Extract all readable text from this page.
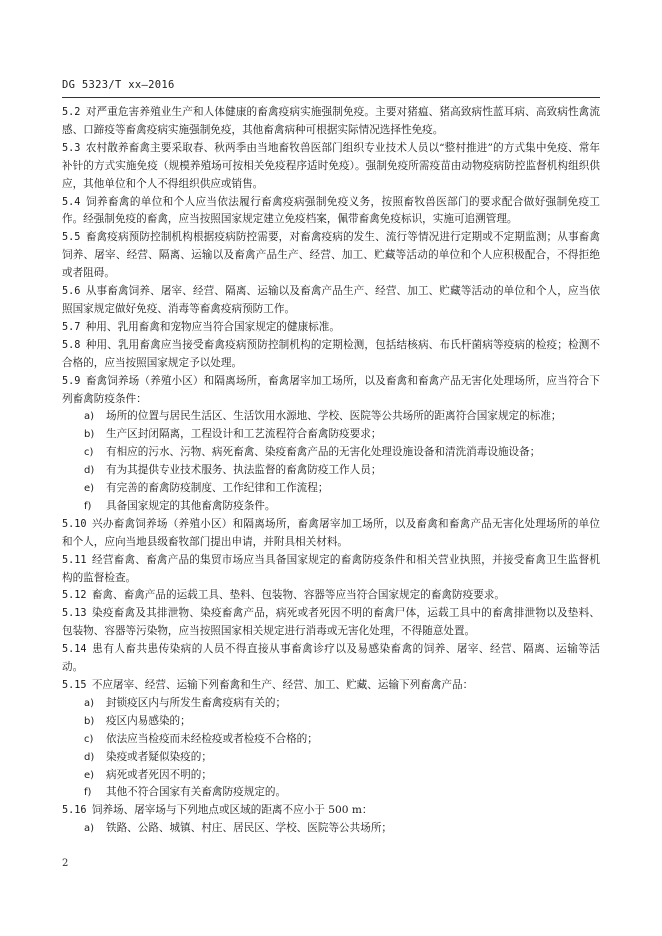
DG 5323/T xx—2016

5.2  对严重危害养殖业生产和人体健康的畜禽疫病实施强制免疫。主要对猪瘟、猪高致病性蓝耳病、高致病性禽流感、口蹄疫等畜禽疫病实施强制免疫，其他畜禽病种可根据实际情况选择性免疫。

5.3  农村散养畜禽主要采取春、秋两季由当地畜牧兽医部门组织专业技术人员以“整村推进”的方式集中免疫、常年补针的方式实施免疫（规模养殖场可按相关免疫程序适时免疫）。强制免疫所需疫苗由动物疫病防控监督机构组织供应，其他单位和个人不得组织供应或销售。

5.4  饲养畜禽的单位和个人应当依法履行畜禽疫病强制免疫义务，按照畜牧兽医部门的要求配合做好强制免疫工作。经强制免疫的畜禽，应当按照国家规定建立免疫档案，佩带畜禽免疫标识，实施可追溯管理。

5.5  畜禽疫病预防控制机构根据疫病防控需要，对畜禽疫病的发生、流行等情况进行定期或不定期监测；从事畜禽饲养、屠宰、经营、隔离、运输以及畜禽产品生产、经营、加工、贮藏等活动的单位和个人应积极配合，不得拒绝或者阻碍。

5.6  从事畜禽饲养、屠宰、经营、隔离、运输以及畜禽产品生产、经营、加工、贮藏等活动的单位和个人，应当依照国家规定做好免疫、消毒等畜禽疫病预防工作。

5.7  种用、乳用畜禽和宠物应当符合国家规定的健康标准。

5.8  种用、乳用畜禽应当接受畜禽疫病预防控制机构的定期检测，包括结核病、布氏杆菌病等疫病的检疫；检测不合格的，应当按照国家规定予以处理。

5.9  畜禽饲养场（养殖小区）和隔离场所，畜禽屠宰加工场所，以及畜禽和畜禽产品无害化处理场所，应当符合下列畜禽防疫条件：

a) 场所的位置与居民生活区、生活饮用水源地、学校、医院等公共场所的距离符合国家规定的标准；

b) 生产区封闭隔离，工程设计和工艺流程符合畜禽防疫要求；

c) 有相应的污水、污物、病死畜禽、染疫畜禽产品的无害化处理设施设备和清洗消毒设施设备；

d) 有为其提供专业技术服务、执法监督的畜禽防疫工作人员；

e) 有完善的畜禽防疫制度、工作纪律和工作流程；

f) 具备国家规定的其他畜禽防疫条件。

5.10  兴办畜禽饲养场（养殖小区）和隔离场所，畜禽屠宰加工场所，以及畜禽和畜禽产品无害化处理场所的单位和个人，应向当地县级畜牧部门提出申请，并附具相关材料。

5.11  经营畜禽、畜禽产品的集贸市场应当具备国家规定的畜禽防疫条件和相关营业执照，并接受畜禽卫生监督机构的监督检查。

5.12  畜禽、畜禽产品的运载工具、垫料、包装物、容器等应当符合国家规定的畜禽防疫要求。

5.13  染疫畜禽及其排泄物、染疫畜禽产品，病死或者死因不明的畜禽尸体，运载工具中的畜禽排泄物以及垫料、包装物、容器等污染物，应当按照国家相关规定进行消毒或无害化处理，不得随意处置。

5.14  患有人畜共患传染病的人员不得直接从事畜禽诊疗以及易感染畜禽的饲养、屠宰、经营、隔离、运输等活动。

5.15  不应屠宰、经营、运输下列畜禽和生产、经营、加工、贮藏、运输下列畜禽产品：

a) 封锁疫区内与所发生畜禽疫病有关的；

b) 疫区内易感染的；

c) 依法应当检疫而未经检疫或者检疫不合格的；

d) 染疫或者疑似染疫的；

e) 病死或者死因不明的；

f) 其他不符合国家有关畜禽防疫规定的。

5.16  饲养场、屠宰场与下列地点或区域的距离不应小于 500 m：

a) 铁路、公路、城镇、村庄、居民区、学校、医院等公共场所；

2
